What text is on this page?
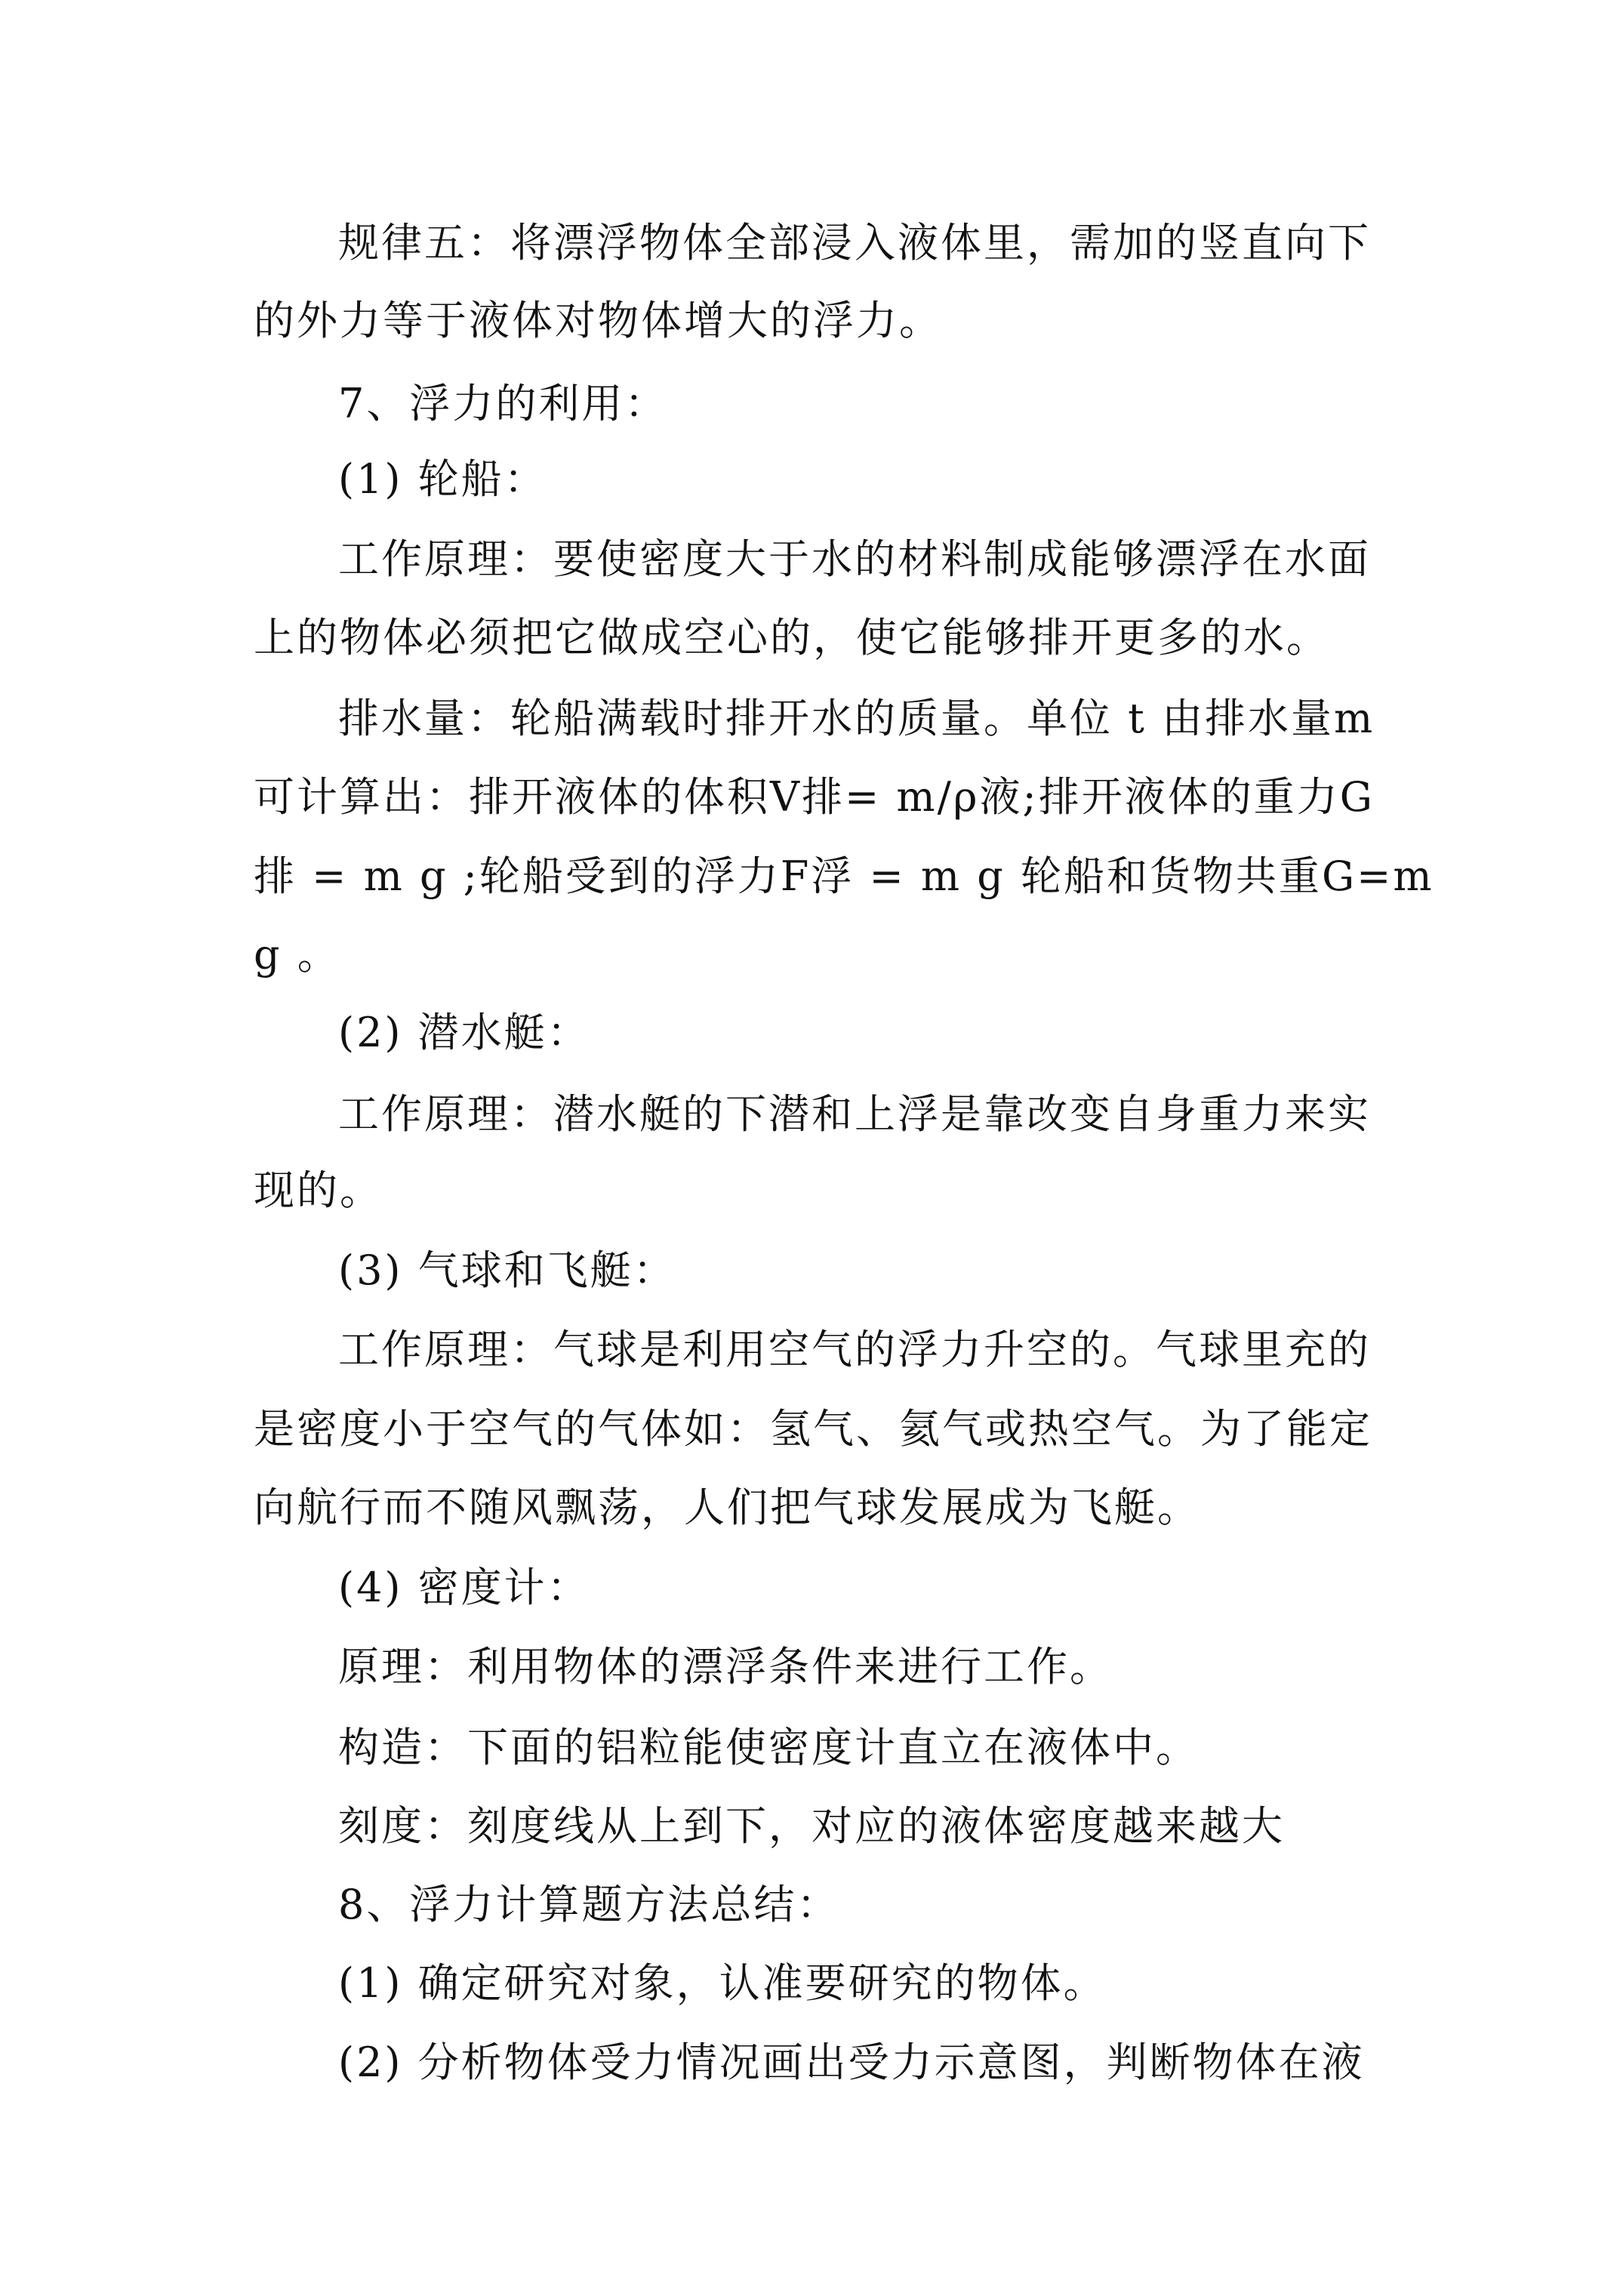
规律五：将漂浮物体全部浸入液体里，需加的竖直向下
的外力等于液体对物体增大的浮力。
7、浮力的利用：
(1) 轮船：
工作原理：要使密度大于水的材料制成能够漂浮在水面
上的物体必须把它做成空心的，使它能够排开更多的水。
排水量：轮船满载时排开水的质量。单位 t 由排水量m
可计算出：排开液体的体积V排= m/ρ液;排开液体的重力G
排 = m g ;轮船受到的浮力F浮 = m g 轮船和货物共重G=m
g 。
(2) 潜水艇：
工作原理：潜水艇的下潜和上浮是靠改变自身重力来实
现的。
(3) 气球和飞艇：
工作原理：气球是利用空气的浮力升空的。气球里充的
是密度小于空气的气体如：氢气、氦气或热空气。为了能定
向航行而不随风飘荡，人们把气球发展成为飞艇。
(4) 密度计：
原理：利用物体的漂浮条件来进行工作。
构造：下面的铝粒能使密度计直立在液体中。
刻度：刻度线从上到下，对应的液体密度越来越大
8、浮力计算题方法总结：
(1) 确定研究对象，认准要研究的物体。
(2) 分析物体受力情况画出受力示意图，判断物体在液
